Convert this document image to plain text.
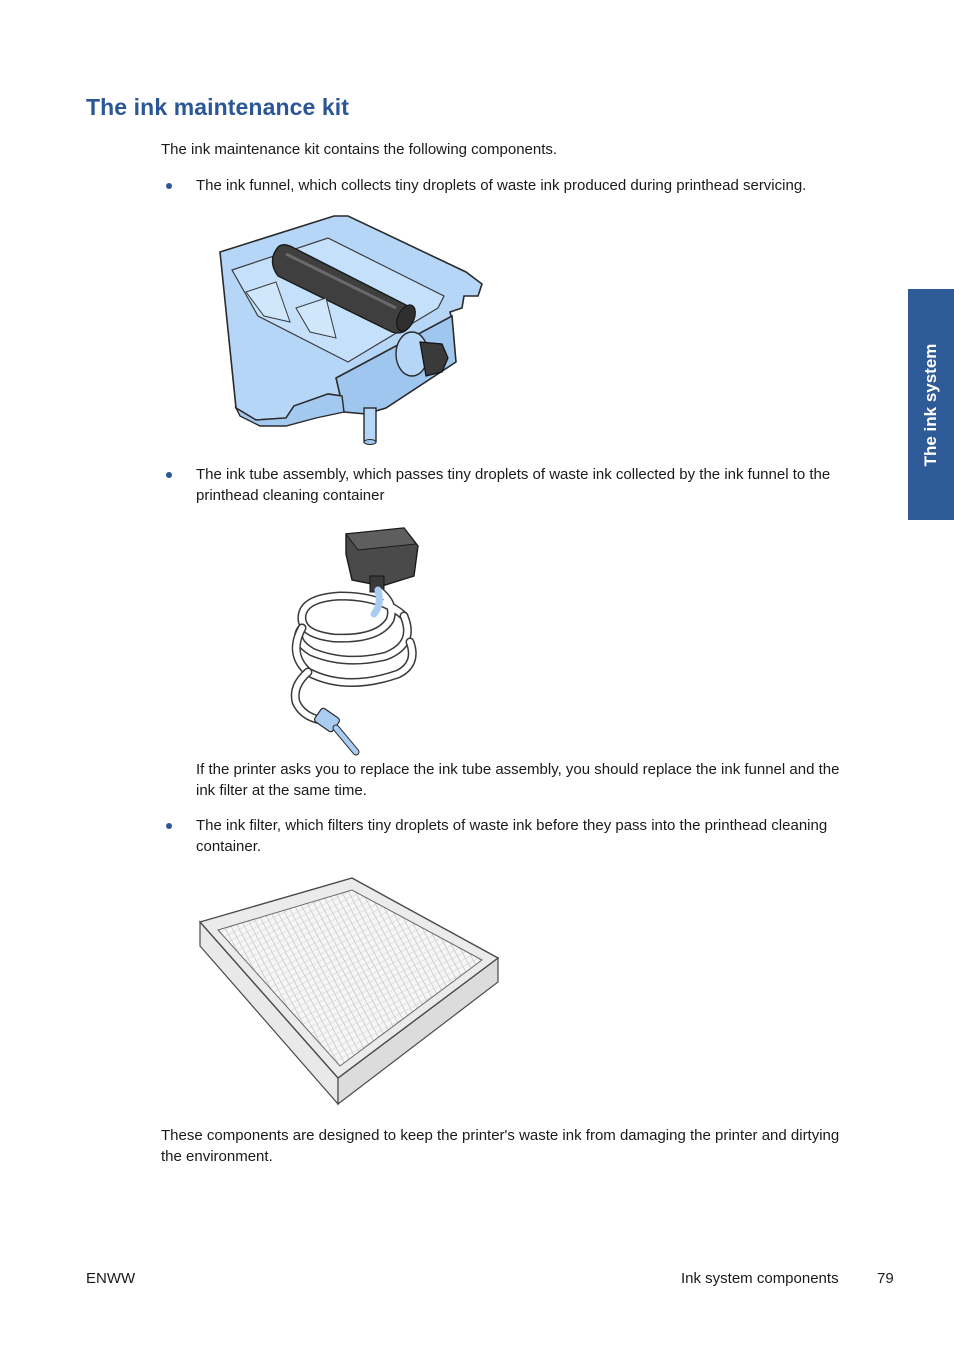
The ink maintenance kit

The ink maintenance kit contains the following components.

The ink funnel, which collects tiny droplets of waste ink produced during printhead servicing.

The ink tube assembly, which passes tiny droplets of waste ink collected by the ink funnel to the

printhead cleaning container

If the printer asks you to replace the ink tube assembly, you should replace the ink funnel and the

ink filter at the same time.

The ink filter, which filters tiny droplets of waste ink before they pass into the printhead cleaning

container.

These components are designed to keep the printer's waste ink from damaging the printer and dirtying

the environment.

The ink system
ENWW	Ink system components	79
